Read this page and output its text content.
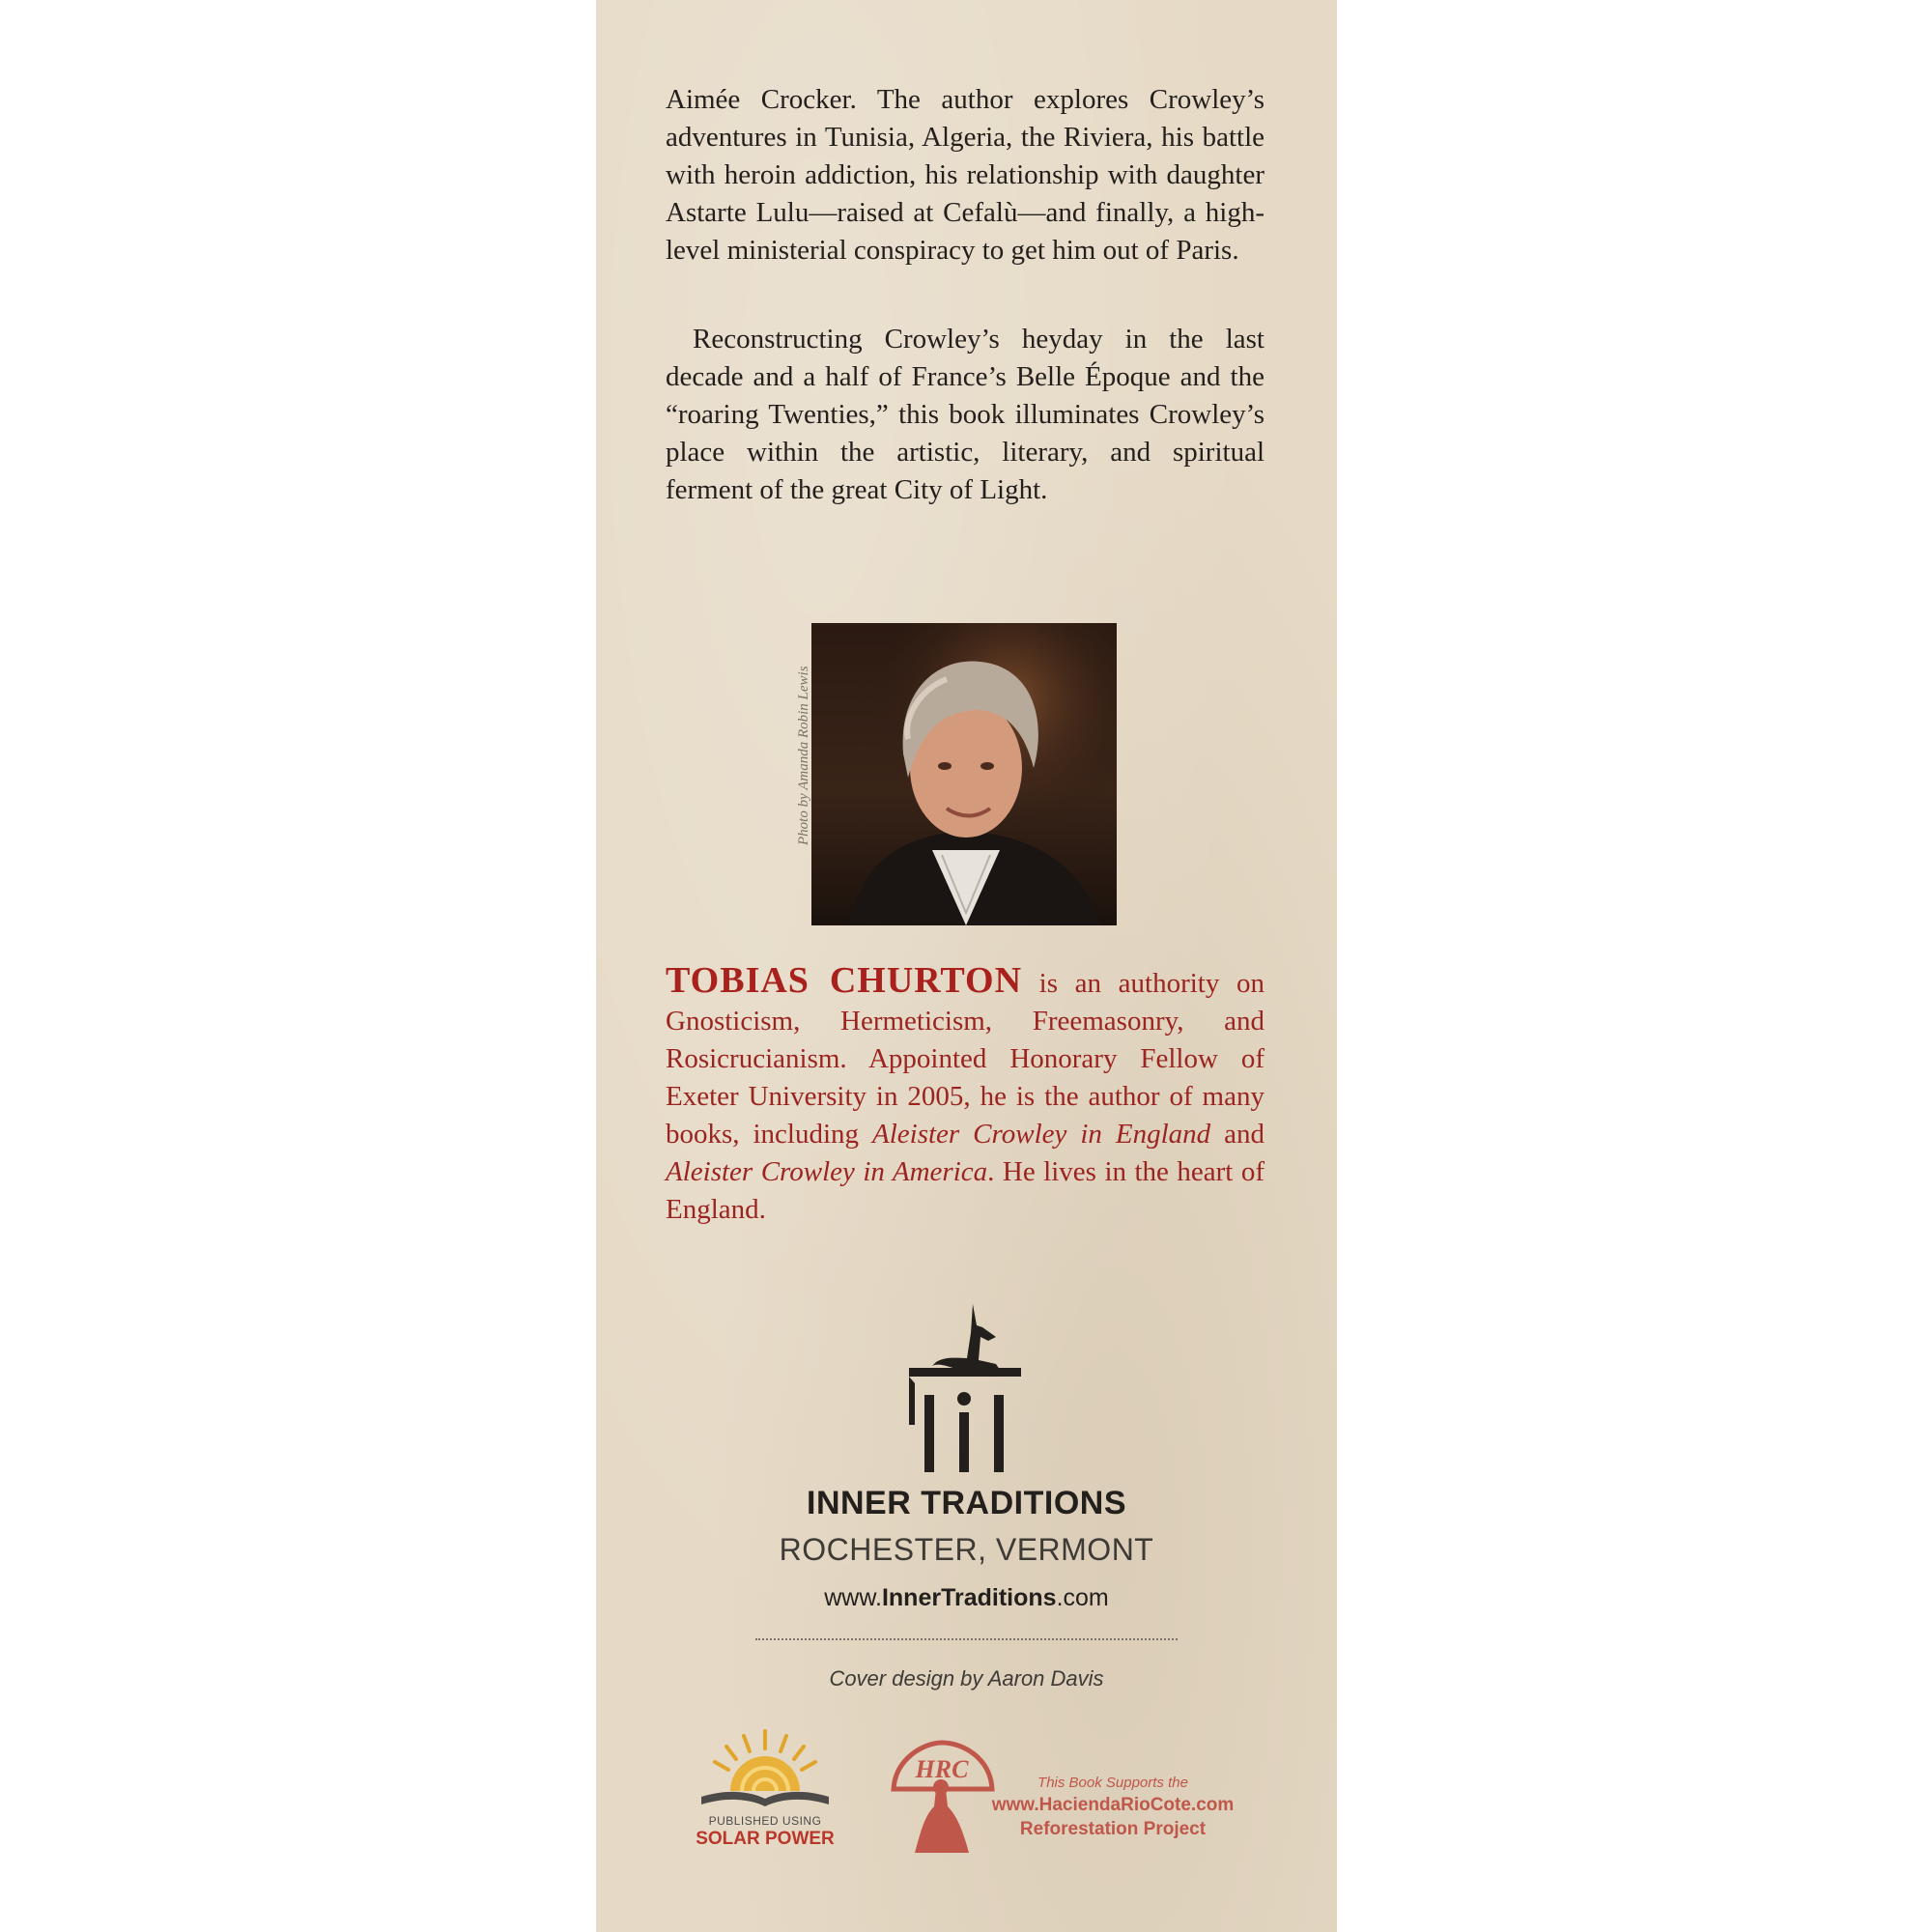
Aimée Crocker. The author explores Crowley’s adventures in Tunisia, Algeria, the Riviera, his battle with heroin addiction, his relationship with daughter Astarte Lulu—raised at Cefalù—and finally, a high-level ministerial conspiracy to get him out of Paris.

Reconstructing Crowley’s heyday in the last decade and a half of France’s Belle Époque and the “roaring Twenties,” this book illuminates Crowley’s place within the artistic, literary, and spiritual ferment of the great City of Light.

Photo by Amanda Robin Lewis

TOBIAS CHURTON is an authority on Gnosticism, Hermeticism, Freemasonry, and Rosicrucianism. Appointed Honorary Fellow of Exeter University in 2005, he is the author of many books, including Aleister Crowley in England and Aleister Crowley in America. He lives in the heart of England.

INNER TRADITIONS
ROCHESTER, VERMONT
www.InnerTraditions.com
Cover design by Aaron Davis
PUBLISHED USING
SOLAR POWER
HRC	This Book Supports the
www.HaciendaRioCote.com
Reforestation Project
